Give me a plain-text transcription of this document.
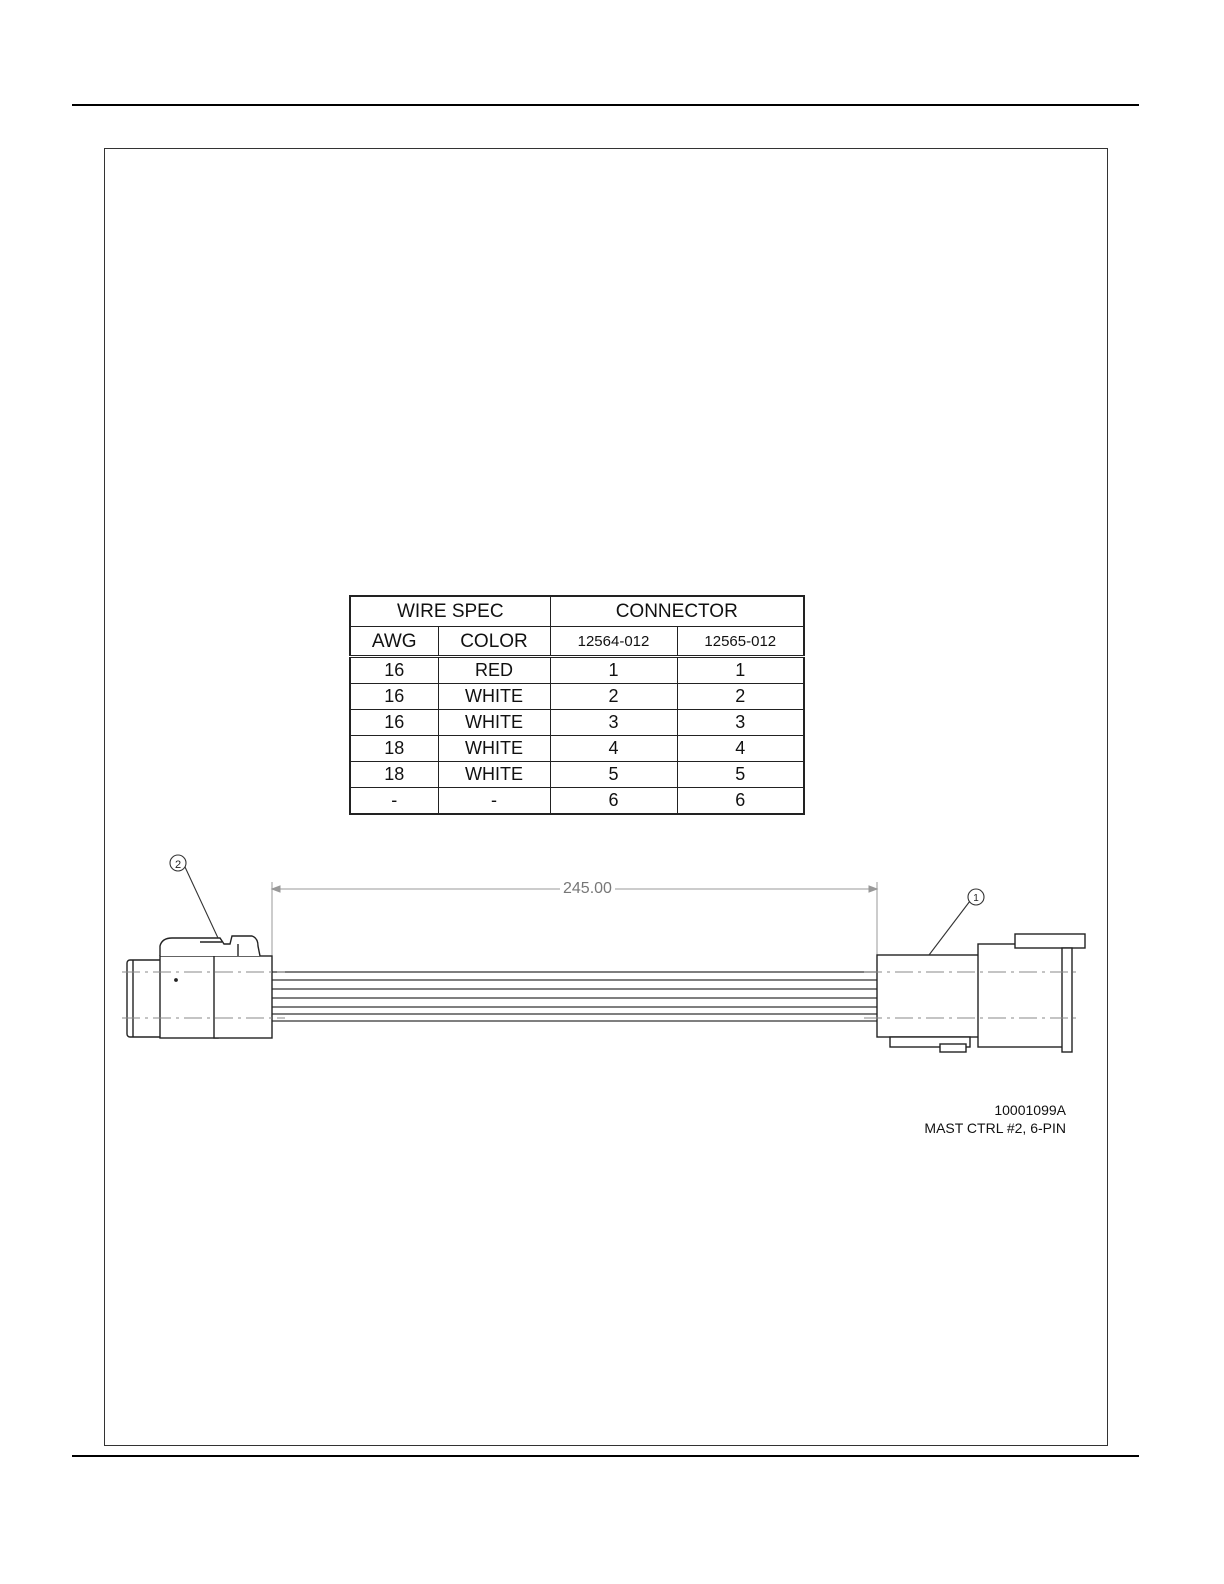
WIRE SPEC		CONNECTOR	
AWG	COLOR	12564-012	12565-012
16	RED	1	1
16	WHITE	2	2
16	WHITE	3	3
18	WHITE	4	4
18	WHITE	5	5
-	-	6	6
2
1
245.00
10001099A
MAST CTRL #2, 6-PIN
